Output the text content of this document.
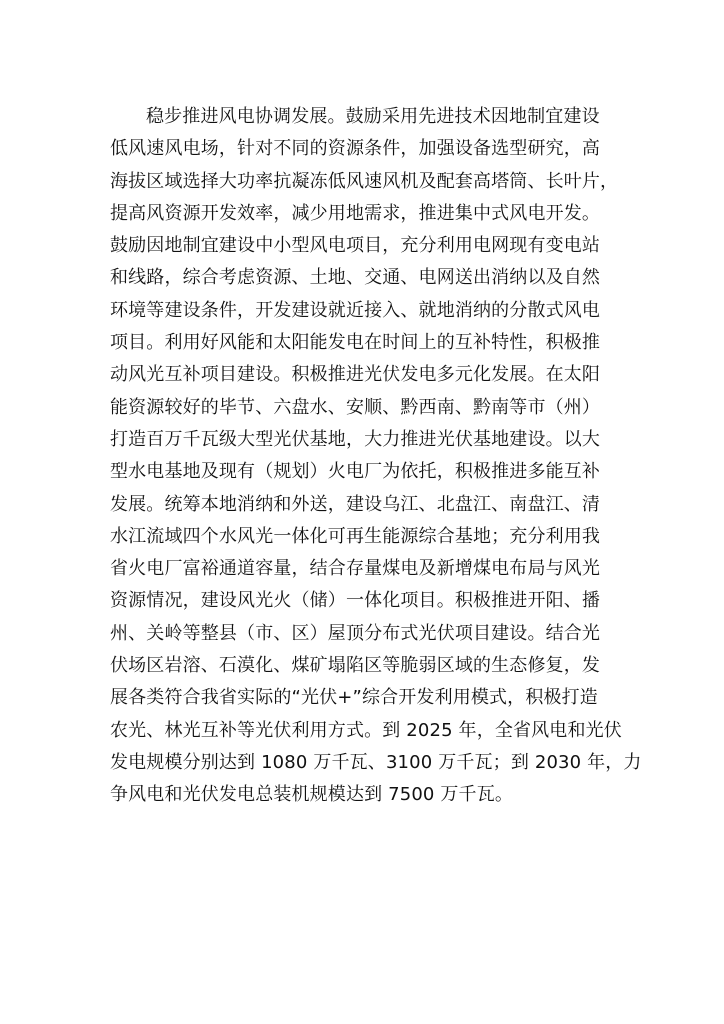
稳步推进风电协调发展。鼓励采用先进技术因地制宜建设
低风速风电场，针对不同的资源条件，加强设备选型研究，高
海拔区域选择大功率抗凝冻低风速风机及配套高塔筒、长叶片，
提高风资源开发效率，减少用地需求，推进集中式风电开发。
鼓励因地制宜建设中小型风电项目，充分利用电网现有变电站
和线路，综合考虑资源、土地、交通、电网送出消纳以及自然
环境等建设条件，开发建设就近接入、就地消纳的分散式风电
项目。利用好风能和太阳能发电在时间上的互补特性，积极推
动风光互补项目建设。积极推进光伏发电多元化发展。在太阳
能资源较好的毕节、六盘水、安顺、黔西南、黔南等市（州）
打造百万千瓦级大型光伏基地，大力推进光伏基地建设。以大
型水电基地及现有（规划）火电厂为依托，积极推进多能互补
发展。统筹本地消纳和外送，建设乌江、北盘江、南盘江、清
水江流域四个水风光一体化可再生能源综合基地；充分利用我
省火电厂富裕通道容量，结合存量煤电及新增煤电布局与风光
资源情况，建设风光火（储）一体化项目。积极推进开阳、播
州、关岭等整县（市、区）屋顶分布式光伏项目建设。结合光
伏场区岩溶、石漠化、煤矿塌陷区等脆弱区域的生态修复，发
展各类符合我省实际的“光伏+”综合开发利用模式，积极打造
农光、林光互补等光伏利用方式。到 2025 年，全省风电和光伏
发电规模分别达到 1080 万千瓦、3100 万千瓦；到 2030 年，力
争风电和光伏发电总装机规模达到 7500 万千瓦。
